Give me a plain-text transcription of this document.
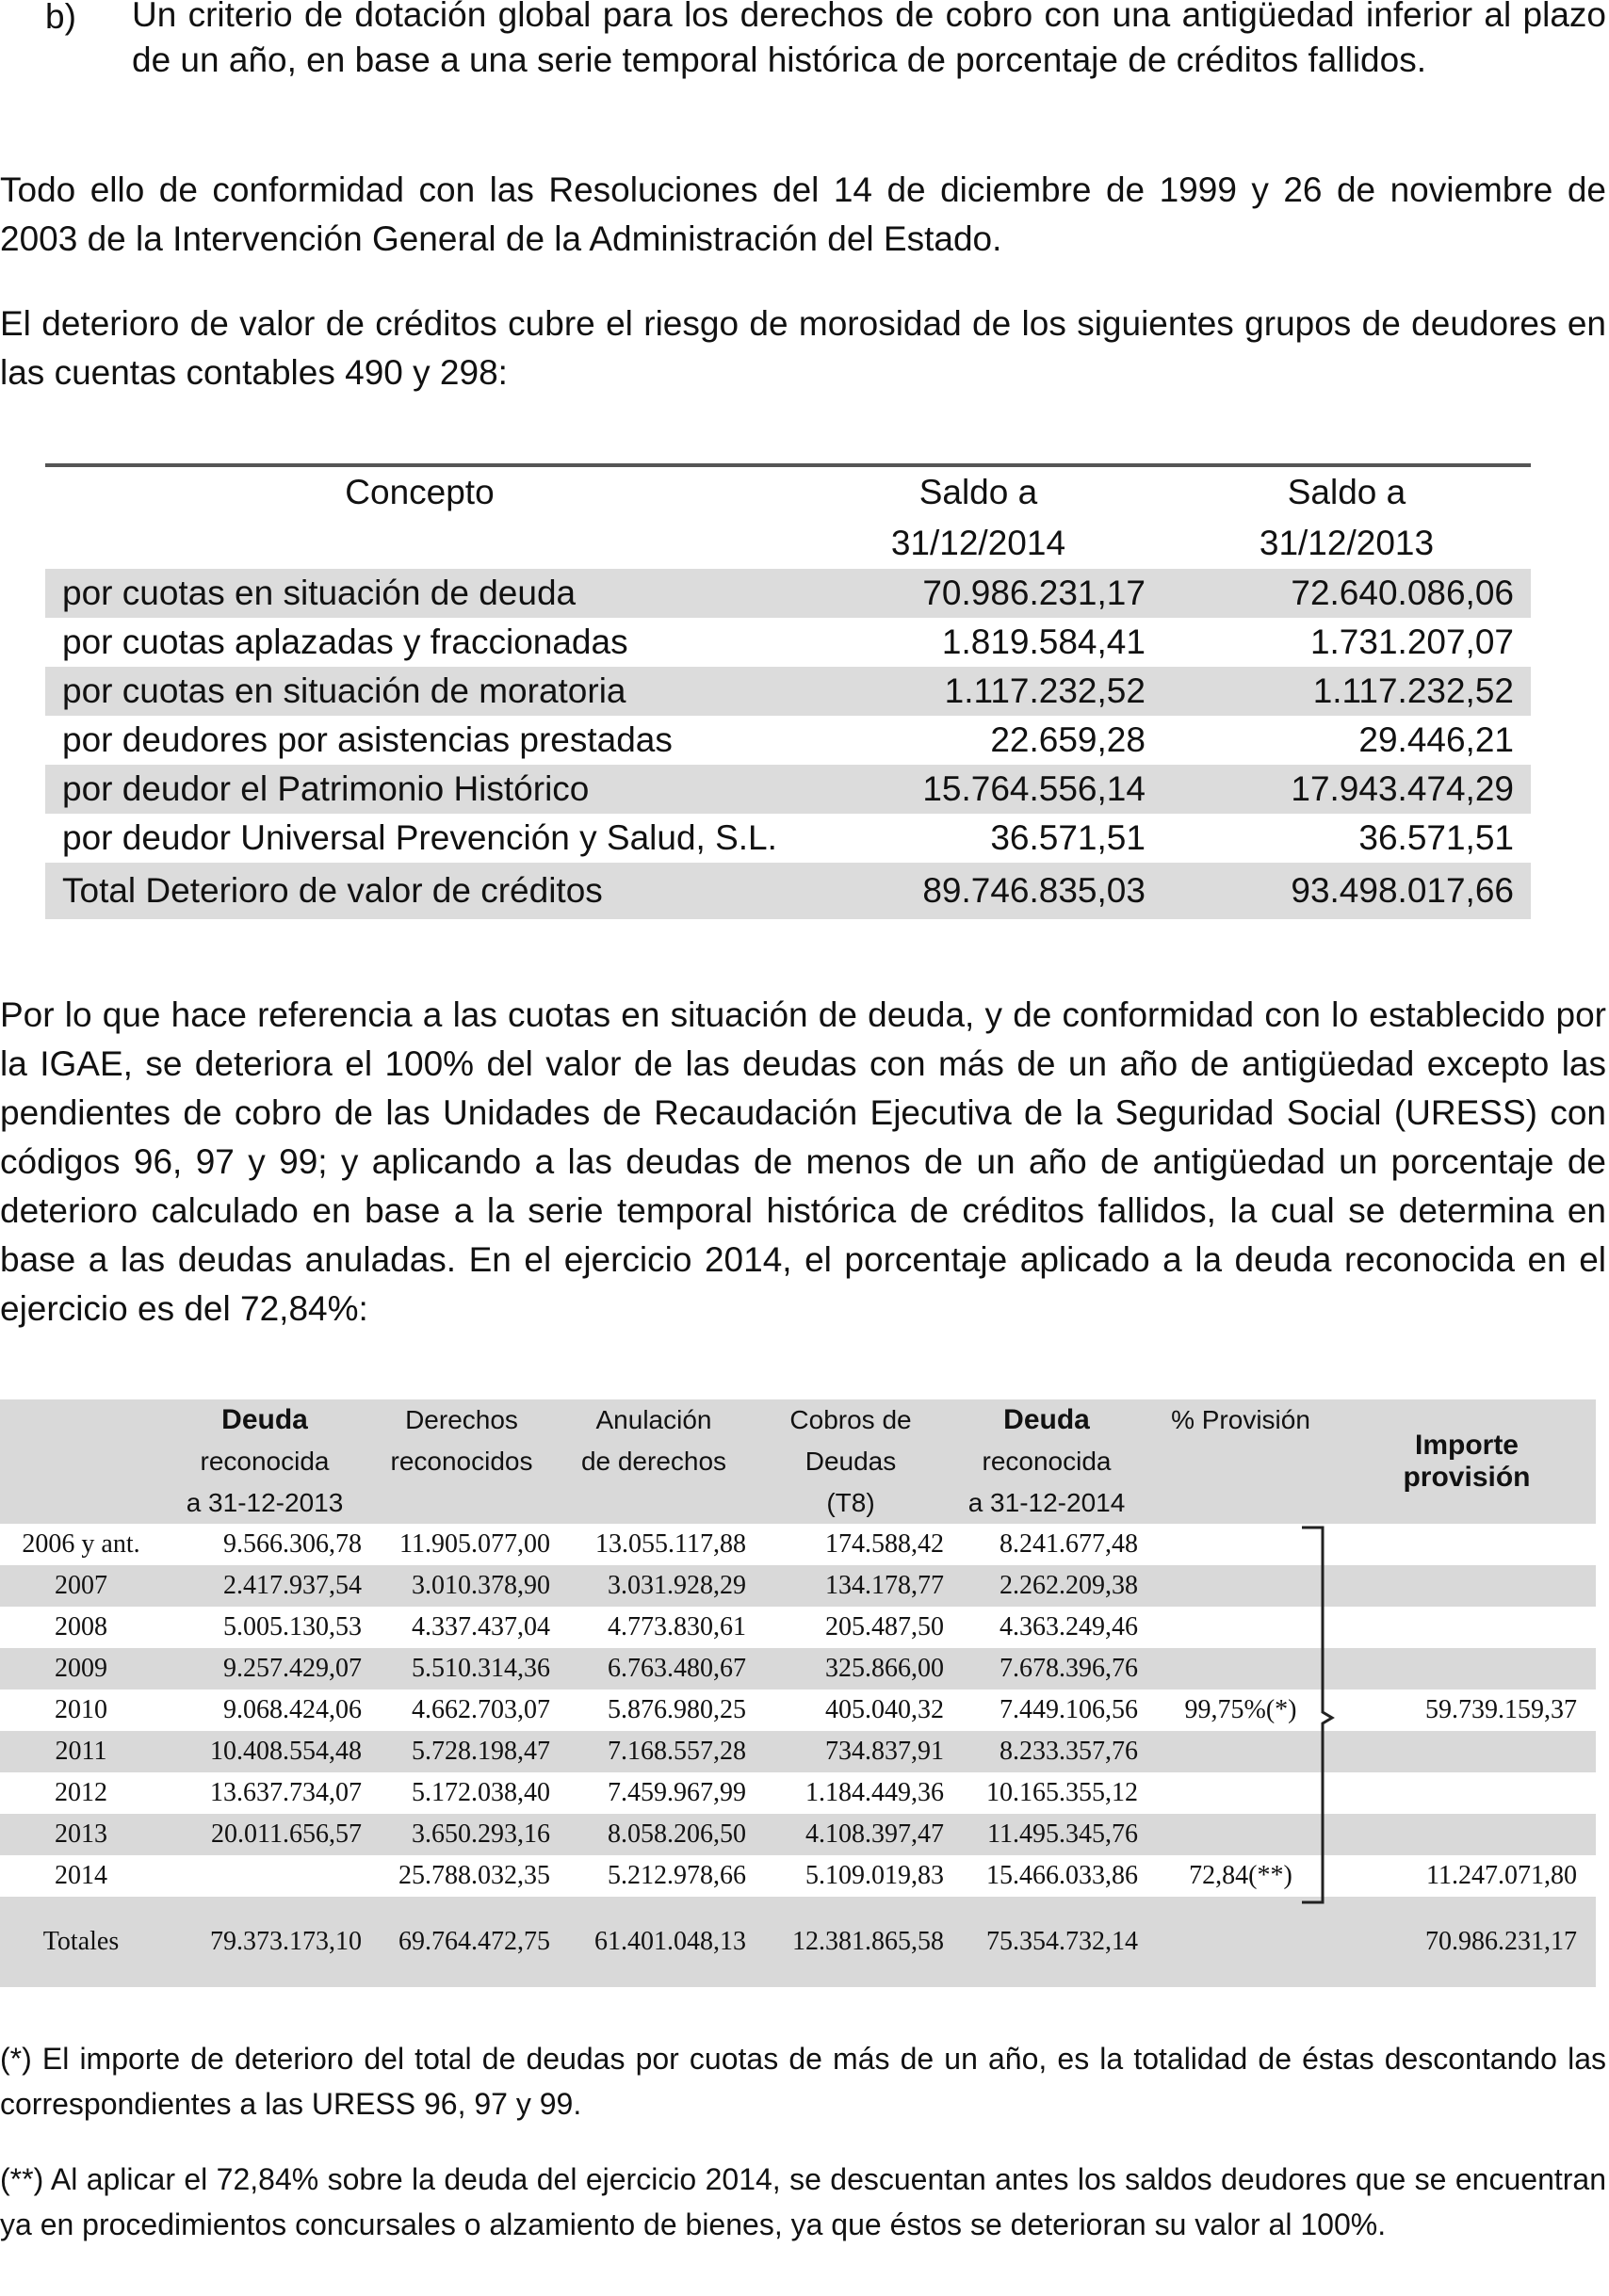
b) Un criterio de dotación global para los derechos de cobro con una antigüedad inferior al plazo de un año, en base a una serie temporal histórica de porcentaje de créditos fallidos.

Todo ello de conformidad con las Resoluciones del 14 de diciembre de 1999 y 26 de noviembre de 2003 de la Intervención General de la Administración del Estado.

El deterioro de valor de créditos cubre el riesgo de morosidad de los siguientes grupos de deudores en las cuentas contables 490 y 298:

Concepto	Saldo a	Saldo a
	31/12/2014	31/12/2013
por cuotas en situación de deuda	70.986.231,17	72.640.086,06
por cuotas aplazadas y fraccionadas	1.819.584,41	1.731.207,07
por cuotas en situación de moratoria	1.117.232,52	1.117.232,52
por deudores por asistencias prestadas	22.659,28	29.446,21
por deudor el Patrimonio Histórico	15.764.556,14	17.943.474,29
por deudor Universal Prevención y Salud, S.L.	36.571,51	36.571,51
Total Deterioro de valor de créditos	89.746.835,03	93.498.017,66

Por lo que hace referencia a las cuotas en situación de deuda, y de conformidad con lo establecido por la IGAE, se deteriora el 100% del valor de las deudas con más de un año de antigüedad excepto las pendientes de cobro de las Unidades de Recaudación Ejecutiva de la Seguridad Social (URESS) con códigos 96, 97 y 99; y aplicando a las deudas de menos de un año de antigüedad un porcentaje de deterioro calculado en base a la serie temporal histórica de créditos fallidos, la cual se determina en base a las deudas anuladas. En el ejercicio 2014, el porcentaje aplicado a la deuda reconocida en el ejercicio es del 72,84%:

	Deuda	Derechos	Anulación	Cobros de	Deuda	% Provisión	Importe
provisión
	reconocida	reconocidos	de derechos	Deudas	reconocida		
	a 31-12-2013			(T8)	a 31-12-2014		
2006 y ant.	9.566.306,78	11.905.077,00	13.055.117,88	174.588,42	8.241.677,48		
2007	2.417.937,54	3.010.378,90	3.031.928,29	134.178,77	2.262.209,38		
2008	5.005.130,53	4.337.437,04	4.773.830,61	205.487,50	4.363.249,46		
2009	9.257.429,07	5.510.314,36	6.763.480,67	325.866,00	7.678.396,76		
2010	9.068.424,06	4.662.703,07	5.876.980,25	405.040,32	7.449.106,56	99,75%(*)	59.739.159,37
2011	10.408.554,48	5.728.198,47	7.168.557,28	734.837,91	8.233.357,76		
2012	13.637.734,07	5.172.038,40	7.459.967,99	1.184.449,36	10.165.355,12		
2013	20.011.656,57	3.650.293,16	8.058.206,50	4.108.397,47	11.495.345,76		
2014		25.788.032,35	5.212.978,66	5.109.019,83	15.466.033,86	72,84(**)	11.247.071,80
Totales	79.373.173,10	69.764.472,75	61.401.048,13	12.381.865,58	75.354.732,14		70.986.231,17

(*) El importe de deterioro del total de deudas por cuotas de más de un año, es la totalidad de éstas descontando las correspondientes a las URESS 96, 97 y 99.

(**) Al aplicar el 72,84% sobre la deuda del ejercicio 2014, se descuentan antes los saldos deudores que se encuentran ya en procedimientos concursales o alzamiento de bienes, ya que éstos se deterioran su valor al 100%.
